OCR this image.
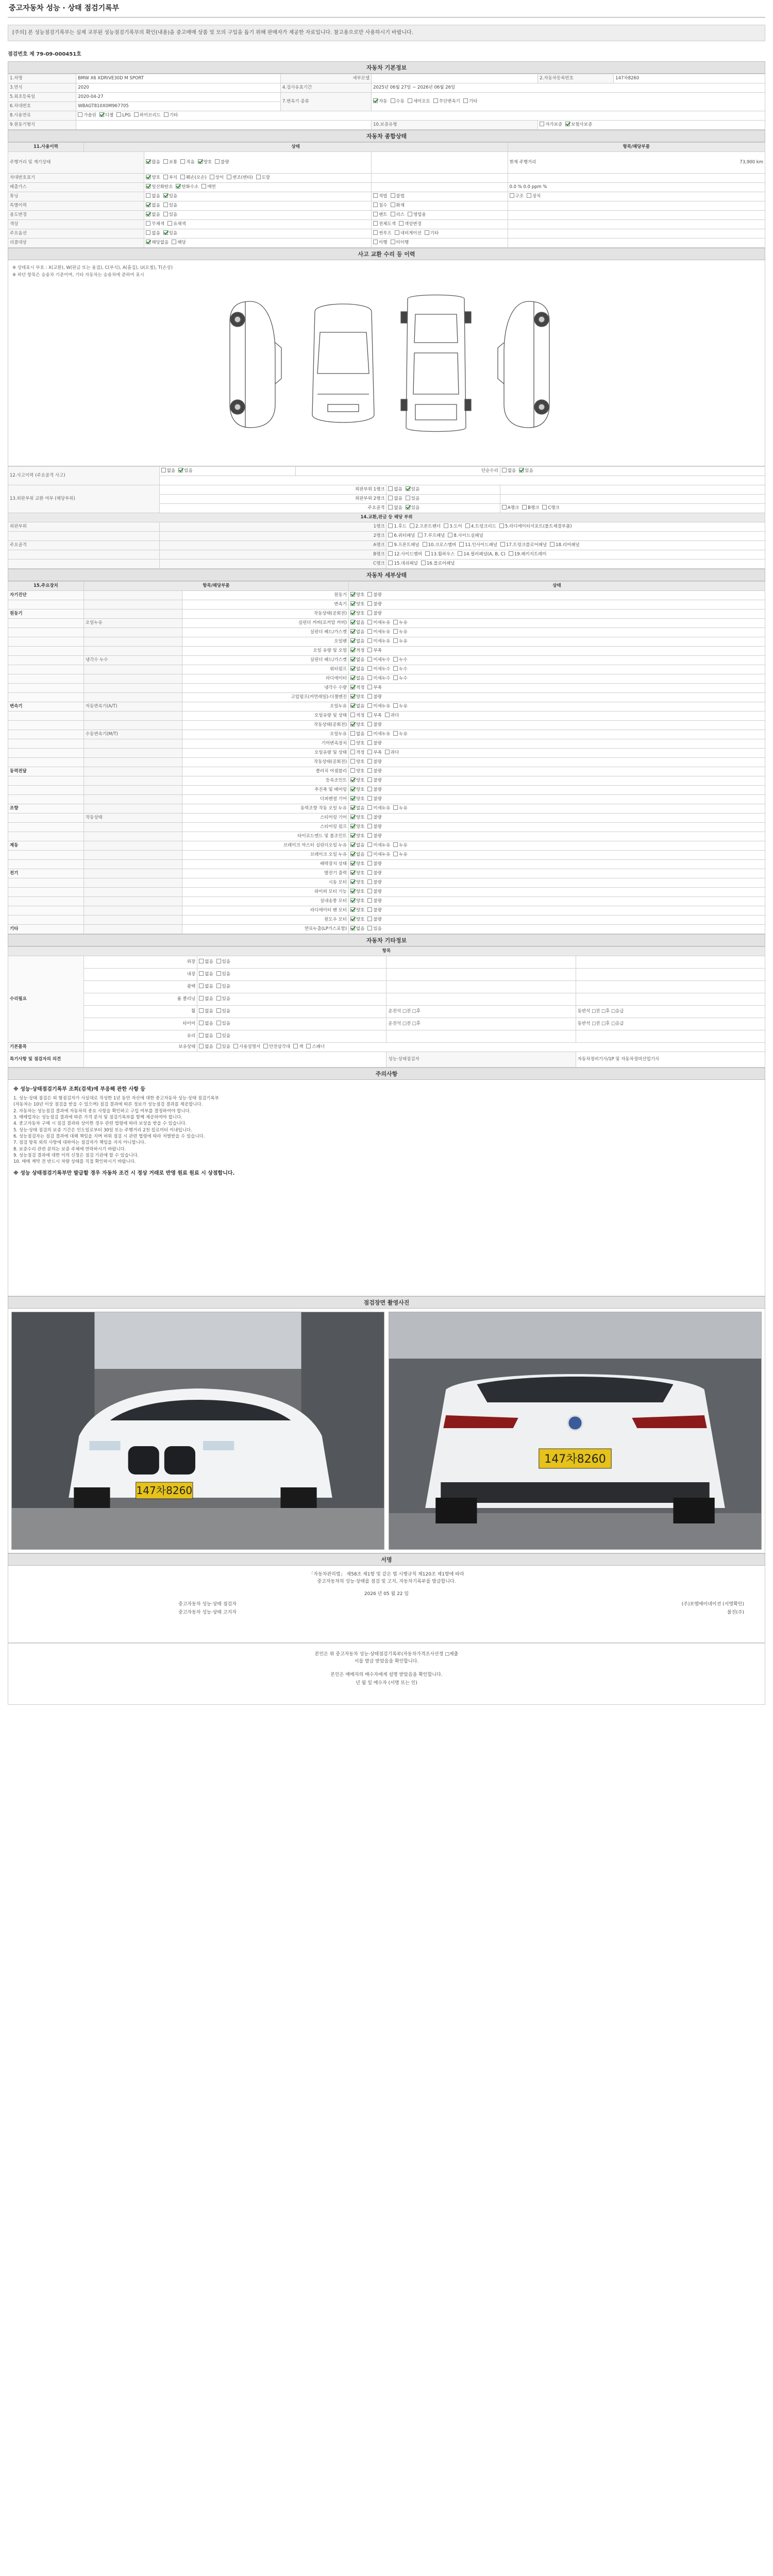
중고자동차 성능 · 상태 점검기록부
[주의] 본 성능점검기록부는 실제 교부된 성능점검기록부의 확인(내용)을 중고매매 상품 및 모의 구입을 돕기 위해 판매자가 제공한 자료입니다. 참고용으로만 사용하시기 바랍니다.
점검번호 제 79-09-000451호
자동차 기본정보
1.차명	BMW X6 XDRIVE30D M SPORT	세부모델		2.자동차등록번호	147차8260
3.연식	2020	4.검사유효기간	2025년 06월 27일 ~ 2026년 06월 26일		
5.최초등록일	2020-04-27	7.변속기 종류	자동 수동 세미오토 무단변속기 기타		
6.차대번호	WBAGT810X0M967705				
8.사용연료	가솔린 디젤 LPG 하이브리드 기타				
9.원동기형식			10.보증유형	자가보증 보험사보증	
자동차 종합상태
11.사용이력	상태			항목/해당부품
주행거리 및 계기상태		많음 보통 적음 양호 불량		현재 주행거리 73,900 km

차대번호표기		양호 부식 훼손(오손) 상이 변조(변타) 도말		
배출가스		일산화탄소 탄화수소 매연		0.0 % 0.0 ppm %
튜닝		없음 있음	적법 불법	구조 장치
특별이력		없음 있음	침수 화재	
용도변경		없음 있음	렌트 리스 영업용	
색상		무채색 유채색	전체도색 색상변경	
주요옵션		없음 있음	썬루프 네비게이션 기타	
리콜대상		해당없음 해당	이행 미이행	
사고 교환 수리 등 이력
※ 상태표시 부호 : X(교환), W(판금 또는 용접), C(부식), A(흠집), U(요철), T(손상)
※ 하단 항목은 승용차 기준이며, 기타 자동차는 승용차에 준하여 표시
12.사고이력 (주요골격 사고)	없음 있음	단순수리		없음 있음

13.외판부위 교환 여부 (해당부위)	외판부위 1랭크		없음 있음	
	외판부위 2랭크		없음 있음	
	주요골격		없음 있음	A랭크 B랭크 C랭크
14.교환,판금 등 해당 부위				
외판부위	1랭크		1.후드 2.프론트펜더 3.도어 4.트렁크리드 5.라디에이터서포트(볼트체결부품)	
	2랭크		6.쿼터패널 7.루프패널 8.사이드실패널	
주요골격	A랭크		9.프론트패널 10.크로스멤버 11.인사이드패널 17.트렁크플로어패널 18.리어패널	
	B랭크		12.사이드멤버 13.휠하우스 14.필러패널(A, B, C) 19.패키지트레이	
	C랭크		15.대쉬패널 16.플로어패널	
자동차 세부상태
15.주요장치	항목/해당부품		상태
자기진단		원동기	양호 불량
		변속기	양호 불량
원동기		작동상태(공회전)	양호 불량
	오일누유	실린더 커버(로커암 커버)	없음 미세누유 누유
		실린더 헤드/가스켓	없음 미세누유 누유
		오일팬	없음 미세누유 누유
		오일 유량 및 오염	적정 부족
	냉각수 누수	실린더 헤드/가스켓	없음 미세누수 누수
		워터펌프	없음 미세누수 누수
		라디에이터	없음 미세누수 누수
		냉각수 수량	적정 부족
		고압펌프(커먼레일)-디젤엔진	양호 불량
변속기	자동변속기(A/T)	오일누유	없음 미세누유 누유
		오일유량 및 상태	적정 부족 과다
		작동상태(공회전)	양호 불량
	수동변속기(M/T)	오일누유	없음 미세누유 누유
		기어변속장치	양호 불량
		오일유량 및 상태	적정 부족 과다
		작동상태(공회전)	양호 불량
동력전달		클러치 어셈블리	양호 불량
		등속조인트	양호 불량
		추진축 및 베어링	양호 불량
		디퍼렌셜 기어	양호 불량
조향		동력조향 작동 오일 누유	없음 미세누유 누유
	작동상태	스티어링 기어	양호 불량
		스티어링 펌프	양호 불량
		타이로드엔드 및 볼조인트	양호 불량
제동		브레이크 마스터 실린더오일 누유	없음 미세누유 누유
		브레이크 오일 누유	없음 미세누유 누유
		배력장치 상태	양호 불량
전기		발전기 출력	양호 불량
		시동 모터	양호 불량
		와이퍼 모터 기능	양호 불량
		실내송풍 모터	양호 불량
		라디에이터 팬 모터	양호 불량
		윈도우 모터	양호 불량
기타		연료누출(LP가스포함)	없음 있음
자동차 기타정보
항목				
수리필요	외장	없음 있음		
	내장	없음 있음		
	광택	없음 있음		
	룸 클리닝	없음 있음		
	휠	없음 있음	운전석 □전 □후	동반석 □전 □후 □응급
	타이어	없음 있음	운전석 □전 □후	동반석 □전 □후 □응급
	유리	없음 있음		
기본품목	보유상태	없음 있음 사용설명서 안전삼각대 잭 스패너		
특기사항 및 점검자의 의견			성능·상태점검자	자동차정비기사/1P 및 자동차정비산업기사
주의사항

※ 성능·상태점검기록부 조회(검색)에 부응해 관한 사항 등

1. 성능·상태 점검은 외 혐점검자가 사실대로 작성한 1년 동안 자산에 대한 중고자동차 성능·상태 점검기록부

(자동차는 10년 이상 점검을 받을 수 있으며) 점검 결과에 따른 정보가 성능점검 결과를 제공합니다.

2. 자동차는 성능점검 결과에 자동차의 중요 사항을 확인하고 구입 여부를 결정하여야 합니다.

3. 매매업자는 성능점검 결과에 따른 가격 분석 및 점검기록부를 함께 제공하여야 합니다.

4. 중고자동차 구매 시 점검 결과와 상이한 경우 관련 법령에 따라 보상을 받을 수 있습니다.

5. 성능·상태 점검의 보증 기간은 인도일로부터 30일 또는 주행거리 2천 킬로미터 이내입니다.

6. 성능점검자는 점검 결과에 대해 책임을 지며 허위 점검 시 관련 법령에 따라 처벌받을 수 있습니다.

7. 점검 항목 외의 사항에 대하여는 점검자가 책임을 지지 아니합니다.

8. 보증수리 관련 문의는 보증 주체에 연락하시기 바랍니다.

9. 성능점검 결과에 대한 이의 신청은 점검 기관에 할 수 있습니다.

10. 매매 계약 전 반드시 차량 상태를 직접 확인하시기 바랍니다.

※ 성능 상태점검기록부만 발급할 경우 자동차 조건 시 정상 거래로 반영 원료 원료 시 상점합니다.

점검장면 촬영사진
147차8260
147차8260
서명
「자동차관리법」 제58조 제1항 및 같은 법 시행규칙 제120조 제1항에 따라
중고자동차의 성능·상태를 점검 및 고지, 자동차기록부를 발급합니다.
2026 년 05 월 22 일
중고자동차 성능·상태 점검자	(주)포엠에이네이션 (서명확인)
중고자동차 성능·상태 고지자	불진(주)
본인은 위 중고자동차 성능·상태점검기록부(자동차가격조사산정 □제출
서를 발급 받았음을 확인합니다.
본인은 매매자의 매수자에게 설명 받았음을 확인합니다.
년 월 일 매수자 (서명 또는 인)
